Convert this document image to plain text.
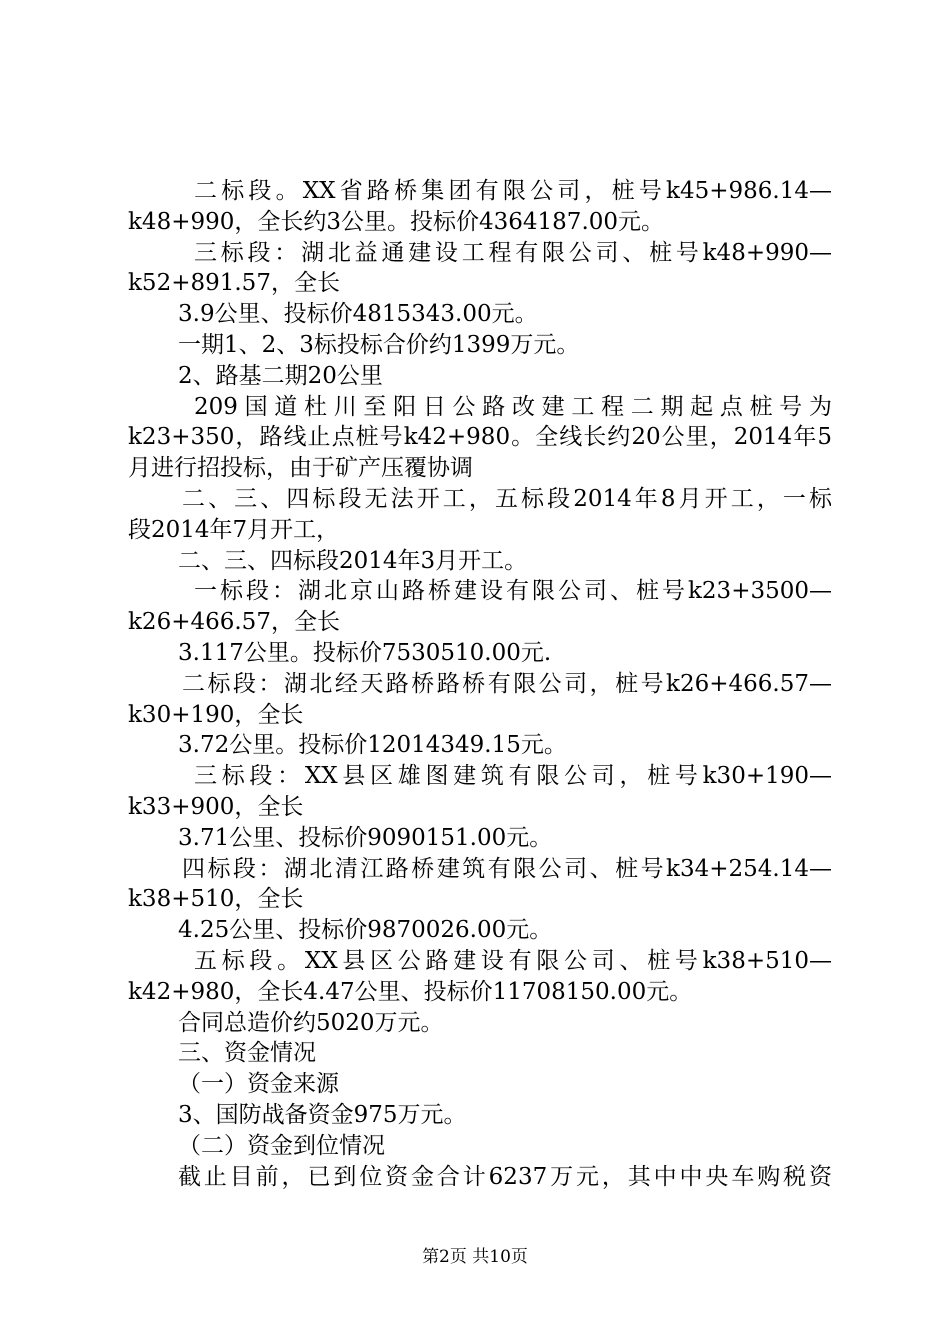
二标段。XX省路桥集团有限公司，桩号k45+986.14—
k48+990，全长约3公里。投标价4364187.00元。
三标段：湖北益通建设工程有限公司、桩号k48+990—
k52+891.57，全长
3.9公里、投标价4815343.00元。
一期1、2、3标投标合价约1399万元。
2、路基二期20公里
209国道杜川至阳日公路改建工程二期起点桩号为
k23+350，路线止点桩号k42+980。全线长约20公里，2014年5
月进行招投标，由于矿产压覆协调
二、三、四标段无法开工，五标段2014年8月开工，一标
段2014年7月开工，
二、三、四标段2014年3月开工。
一标段：湖北京山路桥建设有限公司、桩号k23+3500—
k26+466.57，全长
3.117公里。投标价7530510.00元.
二标段：湖北经天路桥路桥有限公司，桩号k26+466.57—
k30+190，全长
3.72公里。投标价12014349.15元。
三标段：XX县区雄图建筑有限公司，桩号k30+190—
k33+900，全长
3.71公里、投标价9090151.00元。
四标段：湖北清江路桥建筑有限公司、桩号k34+254.14—
k38+510，全长
4.25公里、投标价9870026.00元。
五标段。XX县区公路建设有限公司、桩号k38+510—
k42+980，全长4.47公里、投标价11708150.00元。
合同总造价约5020万元。
三、资金情况
（一）资金来源
3、国防战备资金975万元。
（二）资金到位情况
截止目前，已到位资金合计6237万元，其中中央车购税资
第2页 共10页
